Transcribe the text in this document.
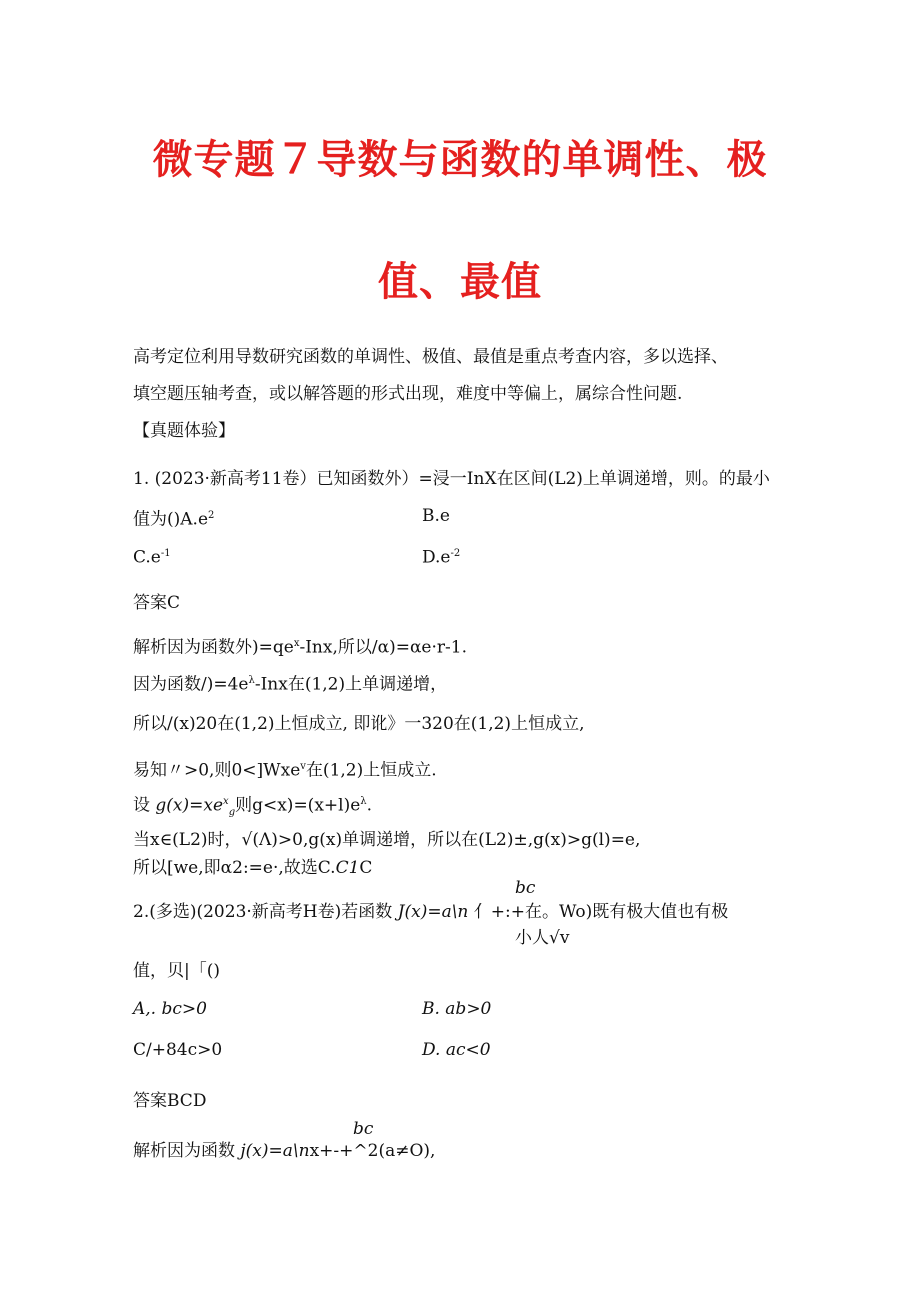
微专题７导数与函数的单调性、极
值、最值
高考定位利用导数研究函数的单调性、极值、最值是重点考查内容，多以选择、
填空题压轴考查，或以解答题的形式出现，难度中等偏上，属综合性问题.
【真题体验】
1. (2023·新高考11卷）已知函数外）=浸一InX在区间(L2)上单调递增，则。的最小
值为$()A.e^2$	B.e
$C.e^{-1}$	$D.e^{-2}$
答案C
解析因为函数外)$=qe^x$-Inx,所以/α)=αe·r-1.
因为函数$/)=4e^\lambda$-Inx在(1,2)上单调递增，
所以/(x)20在(1,2)上恒成立, 即讹》一320在(1,2)上恒成立,
易知〃>0,则0<]Wxe$^v$在(1,2)上恒成立.
设 $g(x)=xe^x_g$则$g<x)=(x+l)e^\lambda$.
当x∈(L2)时，√(Λ)>0,g(x)单调递增，所以在(L2)±,g(x)>g(l)=e,
所以[we,即α2:=e·,故选C.C1C
bc
2.(多选)(2023·新高考H卷)若函数 J(x)=a\n 亻+:+在。Wo)既有极大值也有极
小人√v
值，贝|「()
A,. bc>0	B. ab>0
C∕+84c>0	D. ac<0
答案BCD
bc
解析因为函数 j(x)=a\nx+-+^2(a≠O),
